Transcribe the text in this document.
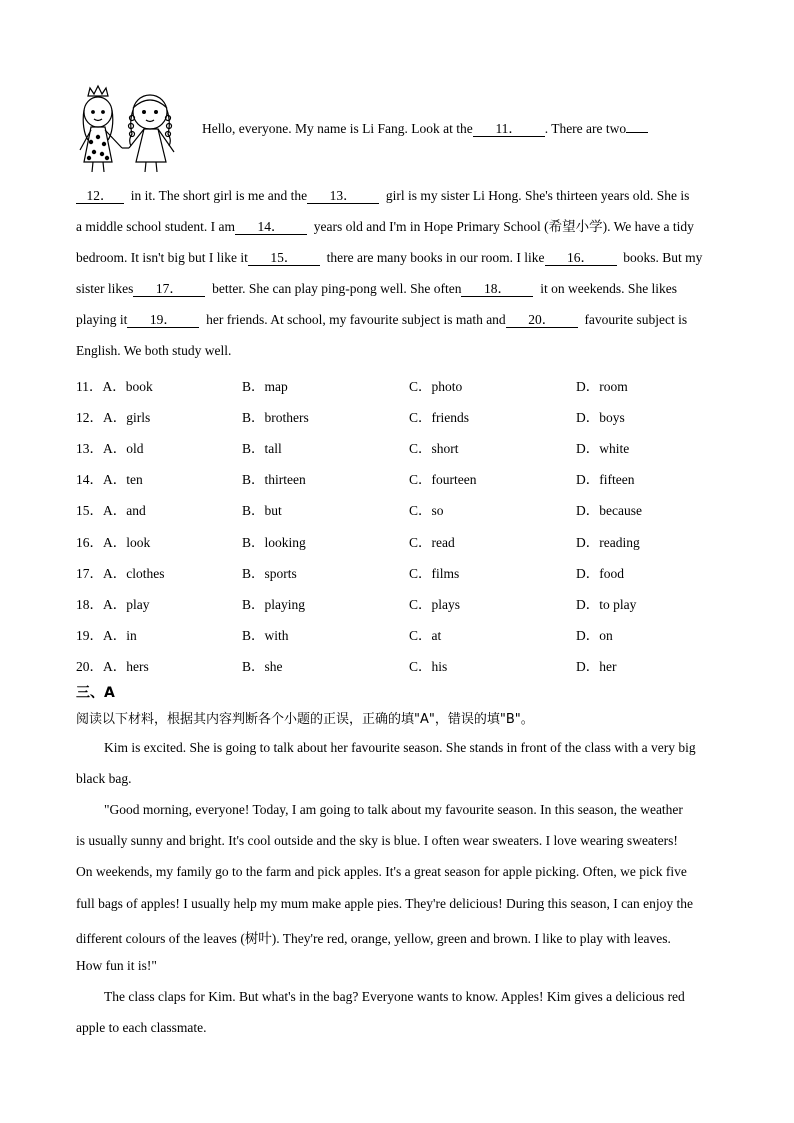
Hello, everyone. My name is Li Fang. Look at the 11． . There are two
12． in it. The short girl is me and the 13． girl is my sister Li Hong. She's thirteen years old. She is
a middle school student. I am 14． years old and I'm in Hope Primary School (希望小学). We have a tidy
bedroom. It isn't big but I like it 15． there are many books in our room. I like 16． books. But my
sister likes 17． better. She can play ping-pong well. She often 18． it on weekends. She likes
playing it 19． her friends. At school, my favourite subject is math and 20． favourite subject is
English. We both study well.
11．A．book	B．map	C．photo	D．room
12．A．girls	B．brothers	C．friends	D．boys
13．A．old	B．tall	C．short	D．white
14．A．ten	B．thirteen	C．fourteen	D．fifteen
15．A．and	B．but	C．so	D．because
16．A．look	B．looking	C．read	D．reading
17．A．clothes	B．sports	C．films	D．food
18．A．play	B．playing	C．plays	D．to play
19．A．in	B．with	C．at	D．on
20．A．hers	B．she	C．his	D．her
三、A
阅读以下材料，根据其内容判断各个小题的正误，正确的填"A"，错误的填"B"。
Kim is excited. She is going to talk about her favourite season. She stands in front of the class with a very big
black bag.
"Good morning, everyone! Today, I am going to talk about my favourite season. In this season, the weather
is usually sunny and bright. It's cool outside and the sky is blue. I often wear sweaters. I love wearing sweaters!
On weekends, my family go to the farm and pick apples. It's a great season for apple picking. Often, we pick five
full bags of apples! I usually help my mum make apple pies. They're delicious! During this season, I can enjoy the
different colours of the leaves (树叶). They're red, orange, yellow, green and brown. I like to play with leaves.
How fun it is!"
The class claps for Kim. But what's in the bag? Everyone wants to know. Apples! Kim gives a delicious red
apple to each classmate.
